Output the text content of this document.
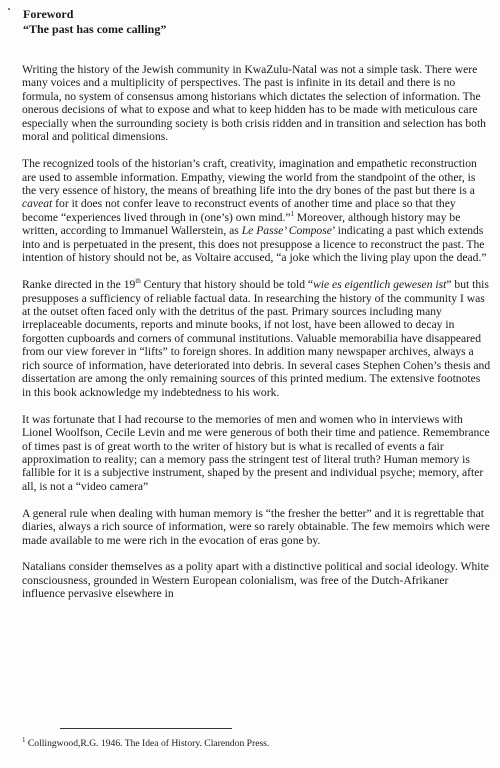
Foreword
“The past has come calling”

Writing the history of the Jewish community in KwaZulu-Natal was not a simple task. There were many voices and a multiplicity of perspectives. The past is infinite in its detail and there is no formula, no system of consensus among historians which dictates the selection of information. The onerous decisions of what to expose and what to keep hidden has to be made with meticulous care especially when the surrounding society is both crisis ridden and in transition and selection has both moral and political dimensions.

The recognized tools of the historian’s craft, creativity, imagination and empathetic reconstruction are used to assemble information. Empathy, viewing the world from the standpoint of the other, is the very essence of history, the means of breathing life into the dry bones of the past but there is a caveat for it does not confer leave to reconstruct events of another time and place so that they become “experiences lived through in (one’s) own mind.”$^1$ Moreover, although history may be written, according to Immanuel Wallerstein, as Le Passe’ Compose’ indicating a past which extends into and is perpetuated in the present, this does not presuppose a licence to reconstruct the past. The intention of history should not be, as Voltaire accused, “a joke which the living play upon the dead.”

Ranke directed in the 19th Century that history should be told “wie es eigentlich gewesen ist” but this presupposes a sufficiency of reliable factual data. In researching the history of the community I was at the outset often faced only with the detritus of the past. Primary sources including many irreplaceable documents, reports and minute books, if not lost, have been allowed to decay in forgotten cupboards and corners of communal institutions. Valuable memorabilia have disappeared from our view forever in “lifts” to foreign shores. In addition many newspaper archives, always a rich source of information, have deteriorated into debris. In several cases Stephen Cohen’s thesis and dissertation are among the only remaining sources of this printed medium. The extensive footnotes in this book acknowledge my indebtedness to his work.

It was fortunate that I had recourse to the memories of men and women who in interviews with Lionel Woolfson, Cecile Levin and me were generous of both their time and patience. Remembrance of times past is of great worth to the writer of history but is what is recalled of events a fair approximation to reality; can a memory pass the stringent test of literal truth? Human memory is fallible for it is a subjective instrument, shaped by the present and individual psyche; memory, after all, is not a “video camera”

A general rule when dealing with human memory is “the fresher the better” and it is regrettable that diaries, always a rich source of information, were so rarely obtainable. The few memoirs which were made available to me were rich in the evocation of eras gone by.

Natalians consider themselves as a polity apart with a distinctive political and social ideology. White consciousness, grounded in Western European colonialism, was free of the Dutch-Afrikaner influence pervasive elsewhere in

$^1$ Collingwood,R.G. 1946. The Idea of History. Clarendon Press.
